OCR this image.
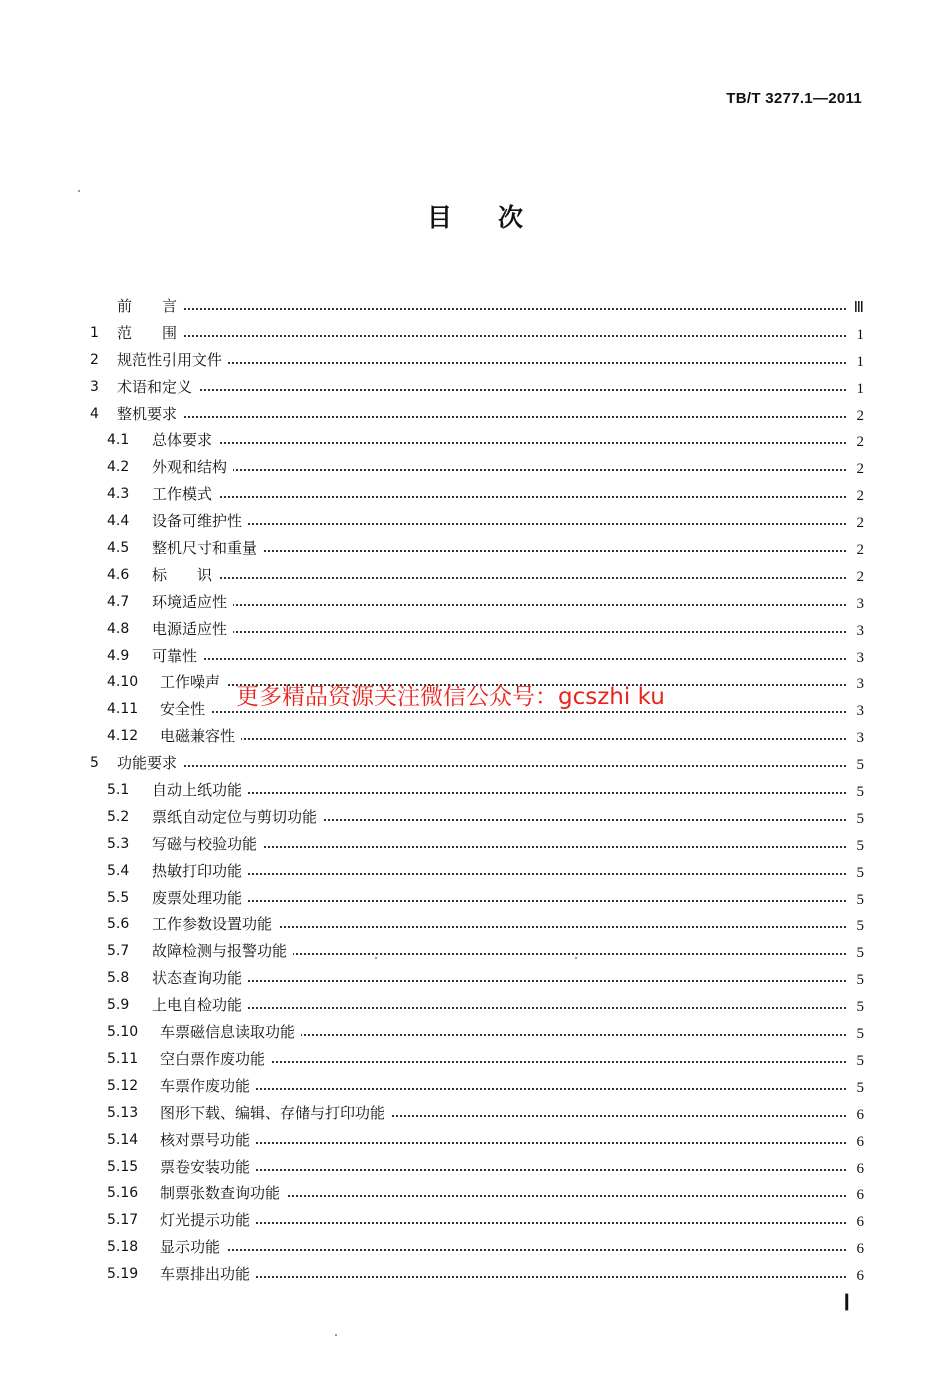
TB/T 3277.1—2011
目 次
前　　言	Ⅲ
1 范　　围	1
2 规范性引用文件	1
3 术语和定义	1
4 整机要求	2
4.1 总体要求	2
4.2 外观和结构	2
4.3 工作模式	2
4.4 设备可维护性	2
4.5 整机尺寸和重量	2
4.6 标　　识	2
4.7 环境适应性	3
4.8 电源适应性	3
4.9 可靠性	3
4.10 工作噪声	3
4.11 安全性	3
4.12 电磁兼容性	3
5 功能要求	5
5.1 自动上纸功能	5
5.2 票纸自动定位与剪切功能	5
5.3 写磁与校验功能	5
5.4 热敏打印功能	5
5.5 废票处理功能	5
5.6 工作参数设置功能	5
5.7 故障检测与报警功能	5
5.8 状态查询功能	5
5.9 上电自检功能	5
5.10 车票磁信息读取功能	5
5.11 空白票作废功能	5
5.12 车票作废功能	5
5.13 图形下载、编辑、存储与打印功能	6
5.14 核对票号功能	6
5.15 票卷安装功能	6
5.16 制票张数查询功能	6
5.17 灯光提示功能	6
5.18 显示功能	6
5.19 车票排出功能	6
更多精品资源关注微信公众号：gcszhi ku
Ⅰ
